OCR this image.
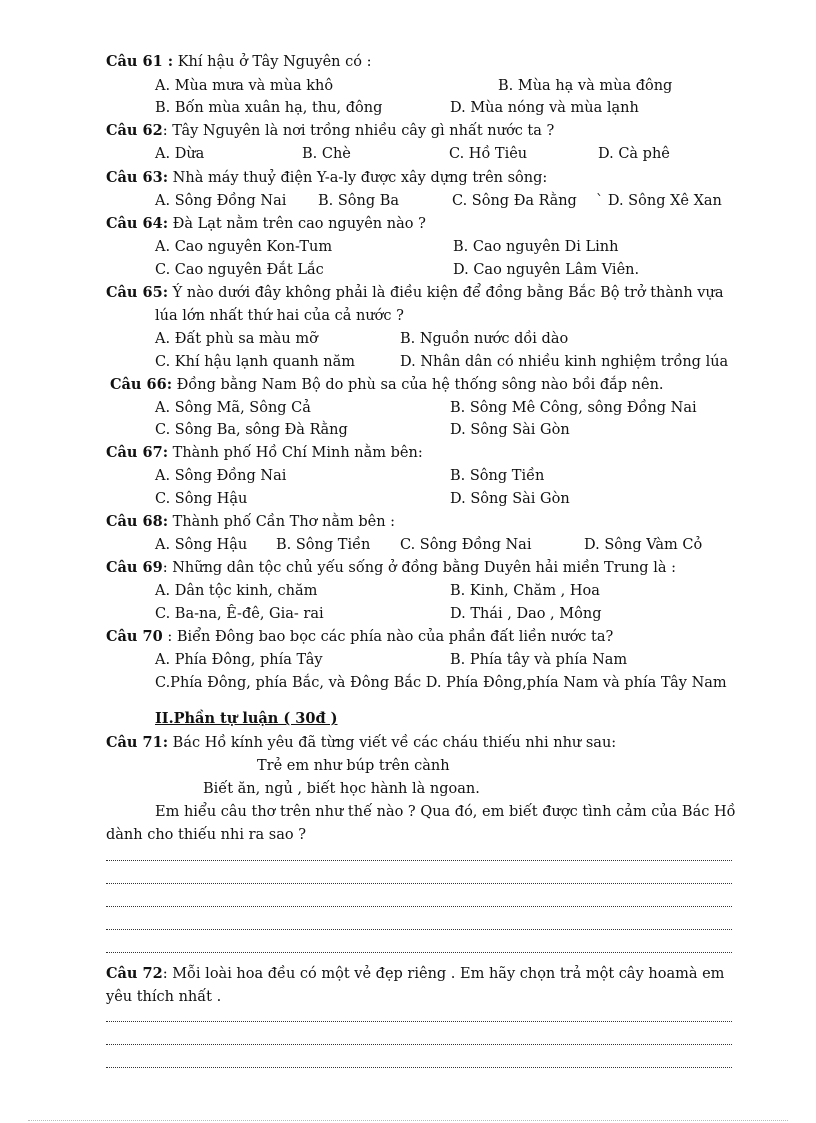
Câu 61 : Khí hậu ở Tây Nguyên có :
A. Mùa mưa và mùa khô	B. Mùa hạ và mùa đông
B. Bốn mùa xuân hạ, thu, đông	D. Mùa nóng và mùa lạnh
Câu 62: Tây Nguyên là nơi trồng nhiều cây gì nhất nước ta ?
A. Dừa	B. Chè	C. Hồ Tiêu	D. Cà phê
Câu 63: Nhà máy thuỷ điện Y-a-ly được xây dựng trên sông:
A. Sông Đồng Nai B. Sông Ba	C. Sông Đa Rằng ` D. Sông Xê Xan
Câu 64: Đà Lạt nằm trên cao nguyên nào ?
A. Cao nguyên Kon-Tum	B. Cao nguyên Di Linh
C. Cao nguyên Đắt Lắc	D. Cao nguyên Lâm Viên.
Câu 65: Ý nào dưới đây không phải là điều kiện để đồng bằng Bắc Bộ trở thành vựa
lúa lớn nhất thứ hai của cả nước ?
A. Đất phù sa màu mỡ	B. Nguồn nước dồi dào
C. Khí hậu lạnh quanh năm	D. Nhân dân có nhiều kinh nghiệm trồng lúa
Câu 66: Đồng bằng Nam Bộ do phù sa của hệ thống sông nào bồi đắp nên.
A. Sông Mã, Sông Cả	B. Sông Mê Công, sông Đồng Nai
C. Sông Ba, sông Đà Rằng	D. Sông Sài Gòn
Câu 67: Thành phố Hồ Chí Minh nằm bên:
A. Sông Đồng Nai	B. Sông Tiền
C. Sông Hậu	D. Sông Sài Gòn
Câu 68: Thành phố Cần Thơ nằm bên :
A. Sông Hậu B. Sông Tiền C. Sông Đồng Nai	D. Sông Vàm Cỏ
Câu 69: Những dân tộc chủ yếu sống ở đồng bằng Duyên hải miền Trung là :
A. Dân tộc kinh, chăm	B. Kinh, Chăm , Hoa
C. Ba-na, Ê-đê, Gia- rai	D. Thái , Dao , Mông
Câu 70 : Biển Đông bao bọc các phía nào của phần đất liền nước ta?
A. Phía Đông, phía Tây	B. Phía tây và phía Nam
C.Phía Đông, phía Bắc, và Đông Bắc D. Phía Đông,phía Nam và phía Tây Nam
II.Phần tự luận ( 30đ )
Câu 71: Bác Hồ kính yêu đã từng viết về các cháu thiếu nhi như sau:
Trẻ em như búp trên cành
Biết ăn, ngủ , biết học hành là ngoan.
Em hiểu câu thơ trên như thế nào ? Qua đó, em biết được tình cảm của Bác Hồ
dành cho thiếu nhi ra sao ?
Câu 72: Mỗi loài hoa đều có một vẻ đẹp riêng . Em hãy chọn trả một cây hoamà em
yêu thích nhất .
